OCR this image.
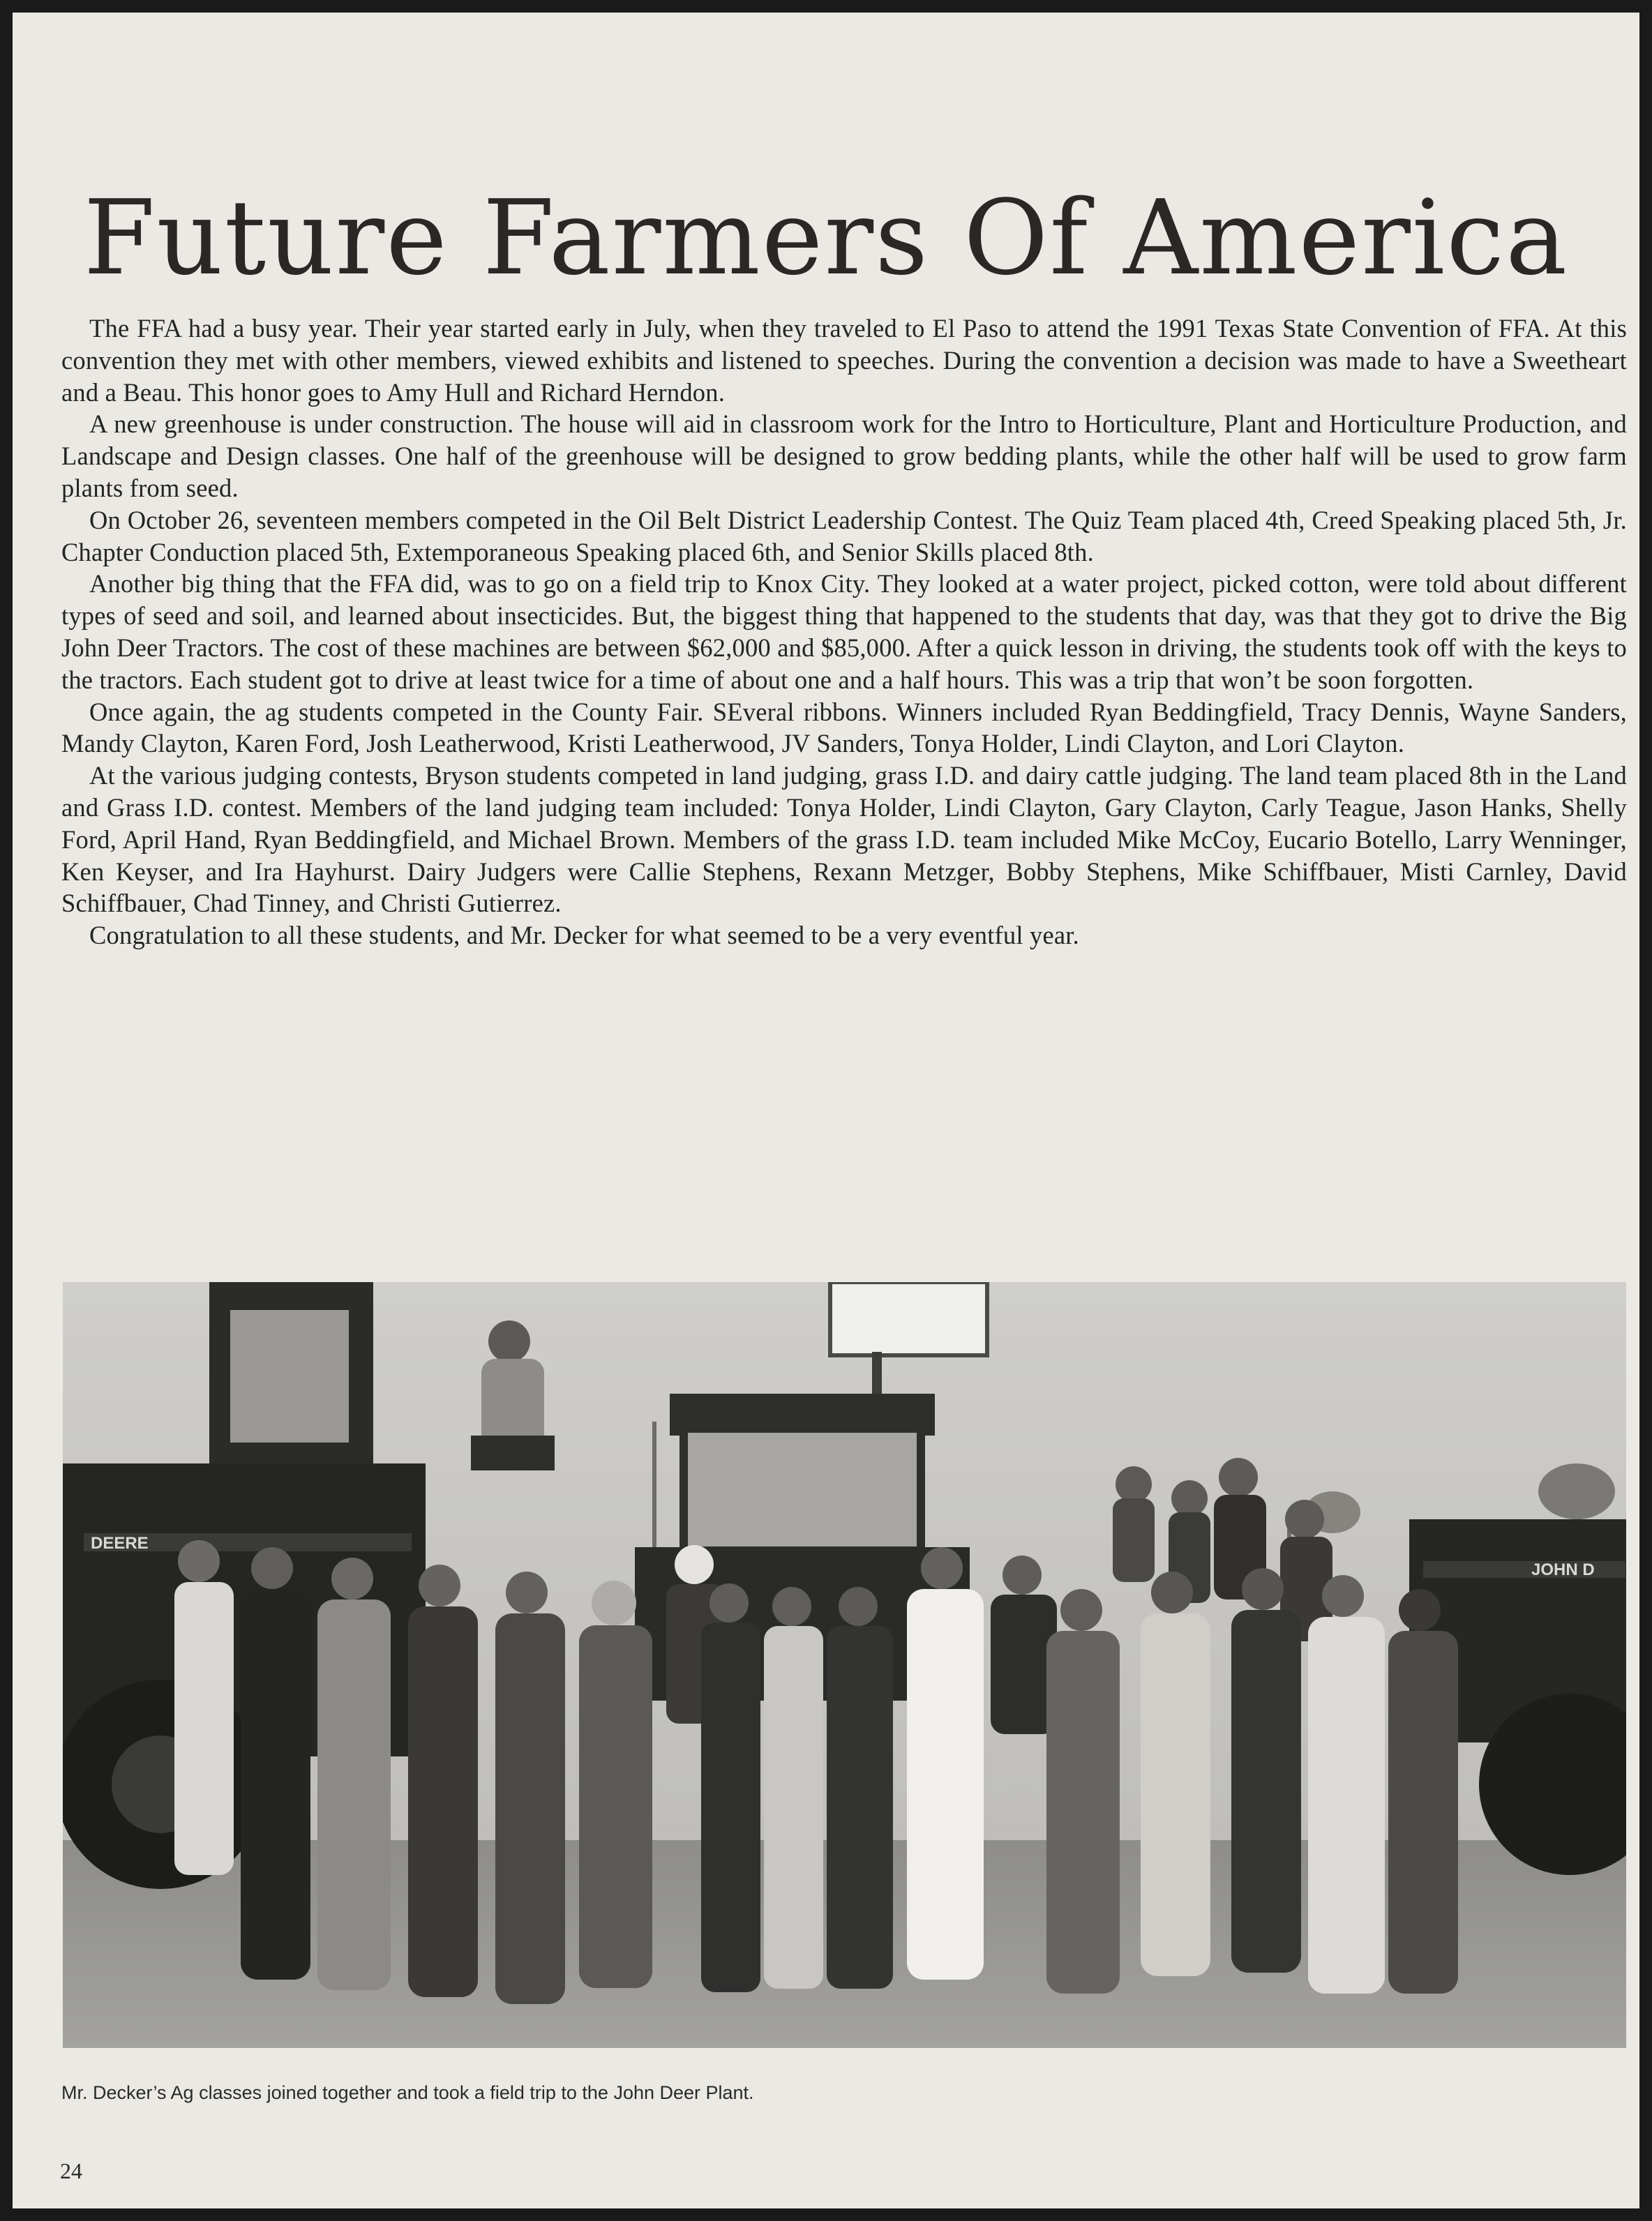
Future Farmers Of America

The FFA had a busy year. Their year started early in July, when they traveled to El Paso to attend the 1991 Texas State Convention of FFA. At this convention they met with other members, viewed exhibits and listened to speeches. During the convention a decision was made to have a Sweetheart and a Beau. This honor goes to Amy Hull and Richard Herndon.

A new greenhouse is under construction. The house will aid in classroom work for the Intro to Horticulture, Plant and Horticulture Production, and Landscape and Design classes. One half of the greenhouse will be designed to grow bedding plants, while the other half will be used to grow farm plants from seed.

On October 26, seventeen members competed in the Oil Belt District Leadership Contest. The Quiz Team placed 4th, Creed Speaking placed 5th, Jr. Chapter Conduction placed 5th, Extemporaneous Speaking placed 6th, and Senior Skills placed 8th.

Another big thing that the FFA did, was to go on a field trip to Knox City. They looked at a water project, picked cotton, were told about different types of seed and soil, and learned about insecticides. But, the biggest thing that happened to the students that day, was that they got to drive the Big John Deer Tractors. The cost of these machines are between $62,000 and $85,000. After a quick lesson in driving, the students took off with the keys to the tractors. Each student got to drive at least twice for a time of about one and a half hours. This was a trip that won’t be soon forgotten.

Once again, the ag students competed in the County Fair. SEveral ribbons. Winners included Ryan Beddingfield, Tracy Dennis, Wayne Sanders, Mandy Clayton, Karen Ford, Josh Leatherwood, Kristi Leatherwood, JV Sanders, Tonya Holder, Lindi Clayton, and Lori Clayton.

At the various judging contests, Bryson students competed in land judging, grass I.D. and dairy cattle judging. The land team placed 8th in the Land and Grass I.D. contest. Members of the land judging team included: Tonya Holder, Lindi Clayton, Gary Clayton, Carly Teague, Jason Hanks, Shelly Ford, April Hand, Ryan Beddingfield, and Michael Brown. Members of the grass I.D. team included Mike McCoy, Eucario Botello, Larry Wenninger, Ken Keyser, and Ira Hayhurst. Dairy Judgers were Callie Stephens, Rexann Metzger, Bobby Stephens, Mike Schiffbauer, Misti Carnley, David Schiffbauer, Chad Tinney, and Christi Gutierrez.

Congratulation to all these students, and Mr. Decker for what seemed to be a very eventful year.

DEERE
JOHN D
Mr. Decker’s Ag classes joined together and took a field trip to the John Deer Plant.
24
